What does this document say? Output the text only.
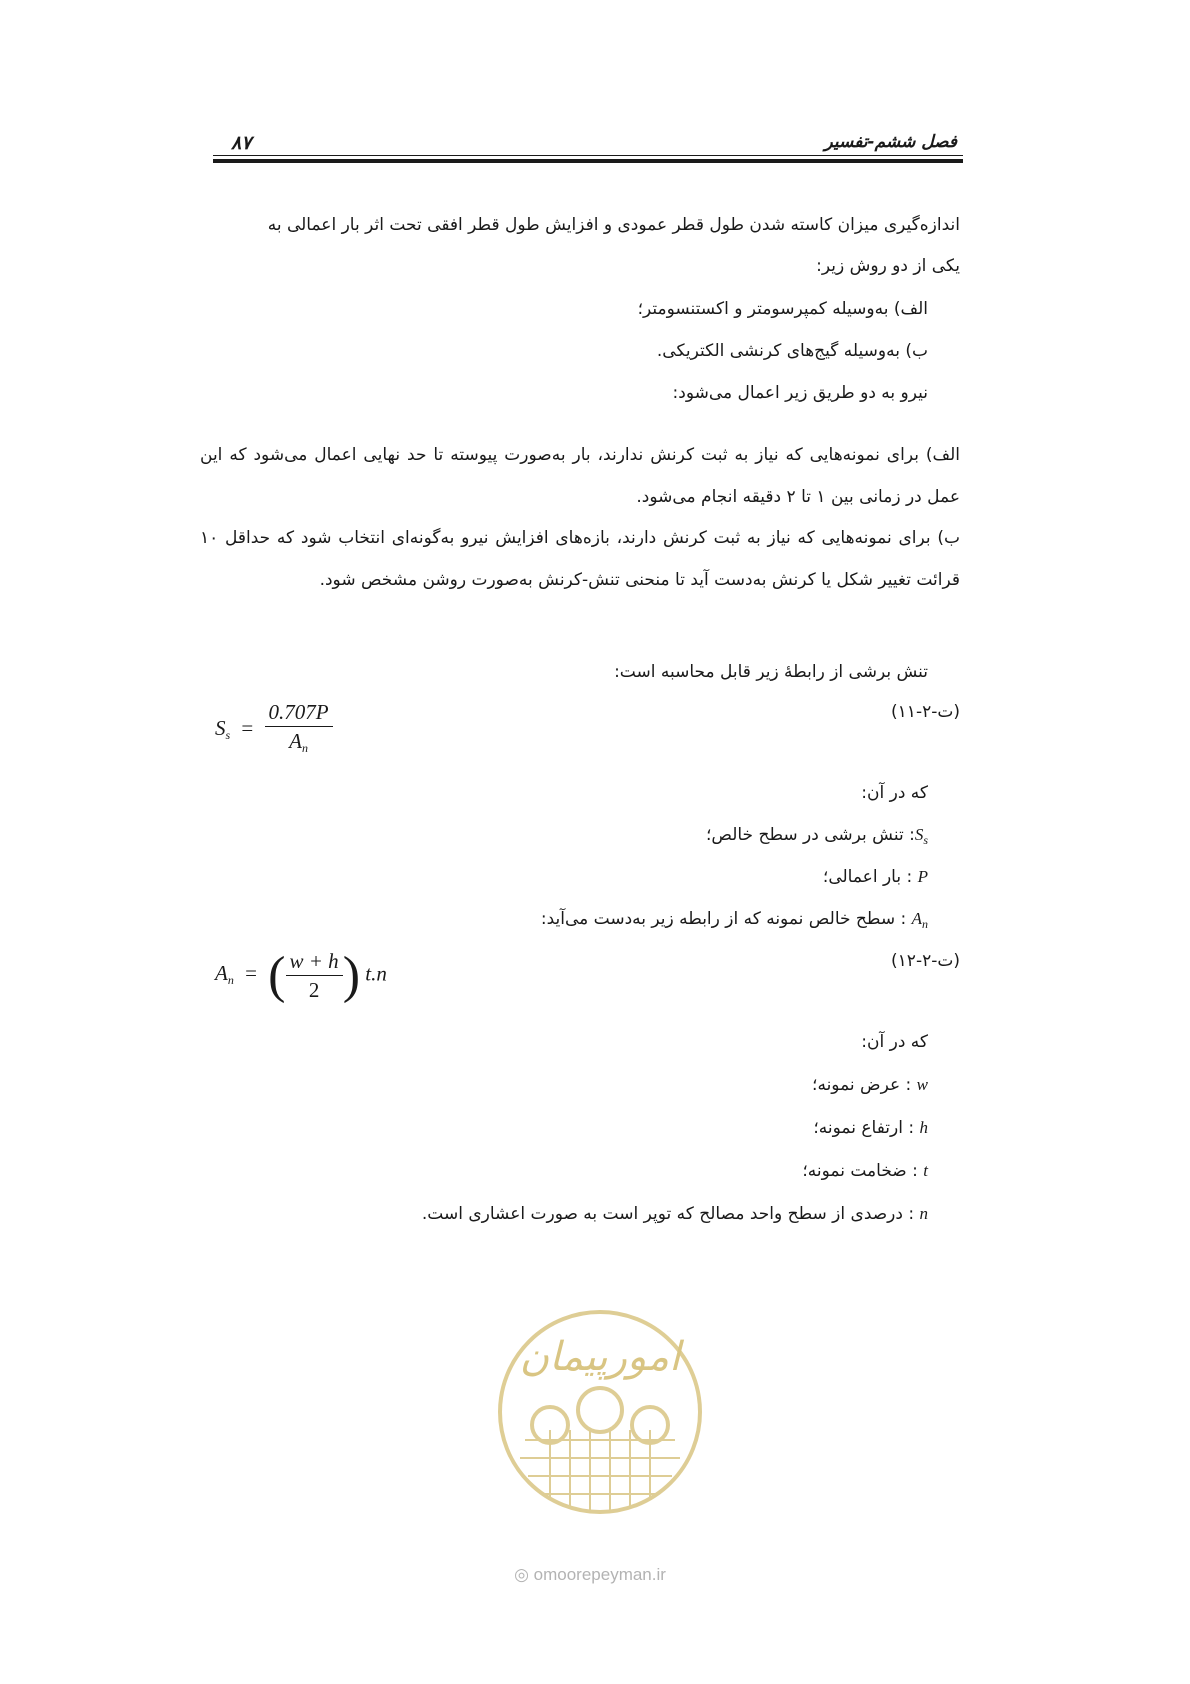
۸۷	فصل ششم-تفسیر
اندازه‌گیری میزان کاسته شدن طول قطر عمودی و افزایش طول قطر افقی تحت اثر بار اعمالی به
یکی از دو روش زیر:
الف) به‌وسیله کمپرسومتر و اکستنسومتر؛
ب) به‌وسیله گیج‌های کرنشی الکتریکی.
نیرو به دو طریق زیر اعمال می‌شود:
الف) برای نمونه‌هایی که نیاز به ثبت کرنش ندارند، بار به‌صورت پیوسته تا حد نهایی اعمال می‌شود که این عمل در زمانی بین ۱ تا ۲ دقیقه انجام می‌شود.
ب) برای نمونه‌هایی که نیاز به ثبت کرنش دارند، بازه‌های افزایش نیرو به‌گونه‌ای انتخاب شود که حداقل ۱۰ قرائت تغییر شکل یا کرنش به‌دست آید تا منحنی تنش-کرنش به‌صورت روشن مشخص شود.
تنش برشی از رابطهٔ زیر قابل محاسبه است:
$S_s = \frac{0.707P}{A_n}$	(ت-۲-۱۱)
که در آن:
$S_s$: تنش برشی در سطح خالص؛
P : بار اعمالی؛
$A_n$ : سطح خالص نمونه که از رابطه زیر به‌دست می‌آید:
$A_n$ = ( $\frac{w + h}{2}$ ) t.n
(ت-۲-۱۲)
که در آن:
w : عرض نمونه؛
h : ارتفاع نمونه؛
t : ضخامت نمونه؛
n : درصدی از سطح واحد مصالح که توپر است به صورت اعشاری است.
امورپیمان
◎ omoorepeyman.ir
